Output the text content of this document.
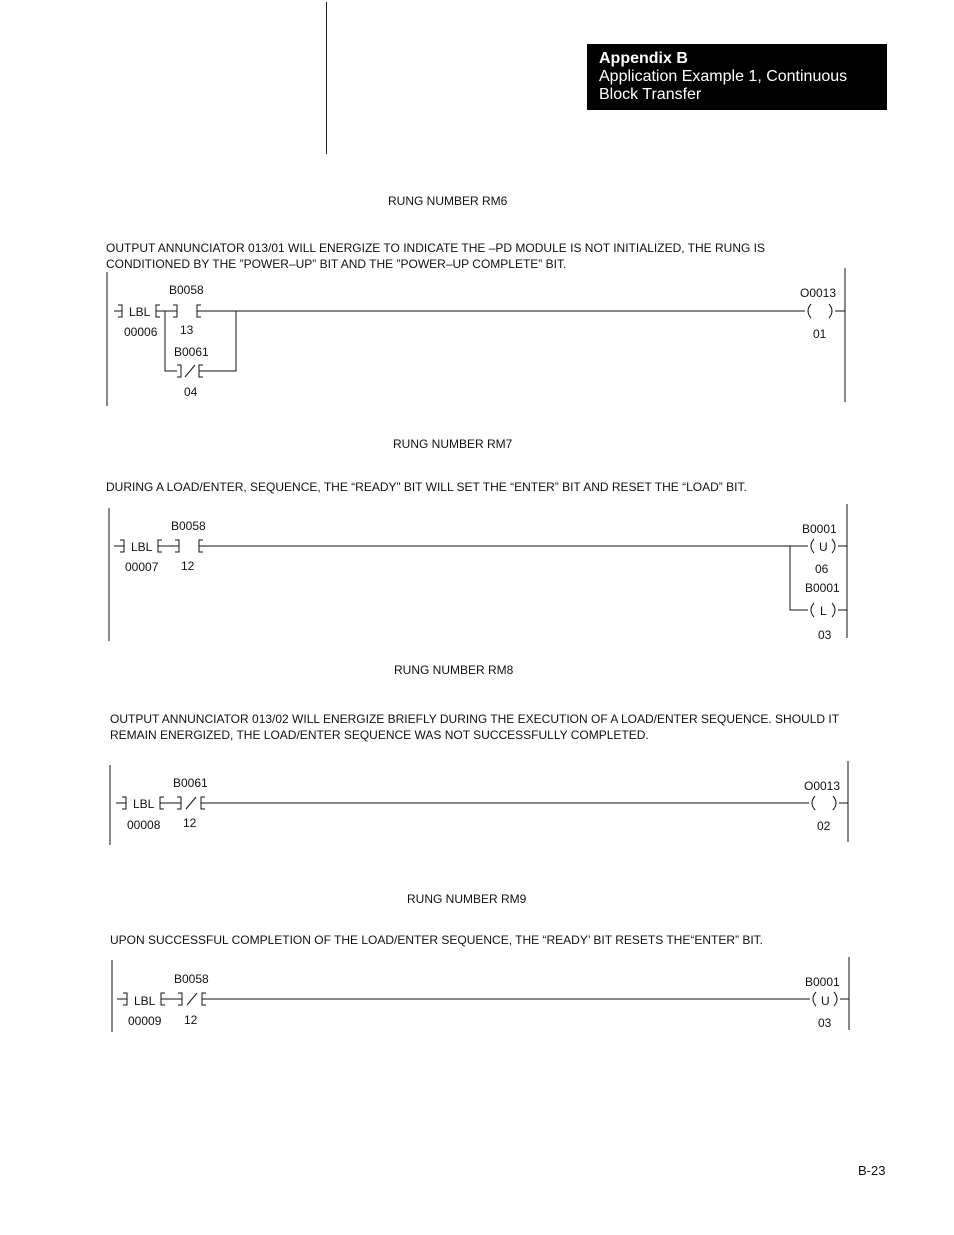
Appendix B
Application Example 1, Continuous Block Transfer
RUNG NUMBER RM6
OUTPUT ANNUNCIATOR 013/01 WILL ENERGIZE TO INDICATE THE –PD MODULE IS NOT INITIALIZED, THE RUNG IS CONDITIONED BY THE ”POWER–UP” BIT AND THE ”POWER–UP COMPLETE” BIT.
RUNG NUMBER RM7
DURING A LOAD/ENTER, SEQUENCE, THE “READY” BIT WILL SET THE “ENTER” BIT AND RESET THE “LOAD” BIT.
RUNG NUMBER RM8
OUTPUT ANNUNCIATOR 013/02 WILL ENERGIZE BRIEFLY DURING THE EXECUTION OF A LOAD/ENTER SEQUENCE. SHOULD IT REMAIN ENERGIZED, THE LOAD/ENTER SEQUENCE WAS NOT SUCCESSFULLY COMPLETED.
RUNG NUMBER RM9
UPON SUCCESSFUL COMPLETION OF THE LOAD/ENTER SEQUENCE, THE “READY’ BIT RESETS THE“ENTER” BIT.
LBL
00006
B0058
13
B0061
04
O0013
01
LBL
00007
B0058
12
B0001
U
06
B0001
L
03
LBL
00008
B0061
12
O0013
02
LBL
00009
B0058
12
B0001
U
03
B-23
